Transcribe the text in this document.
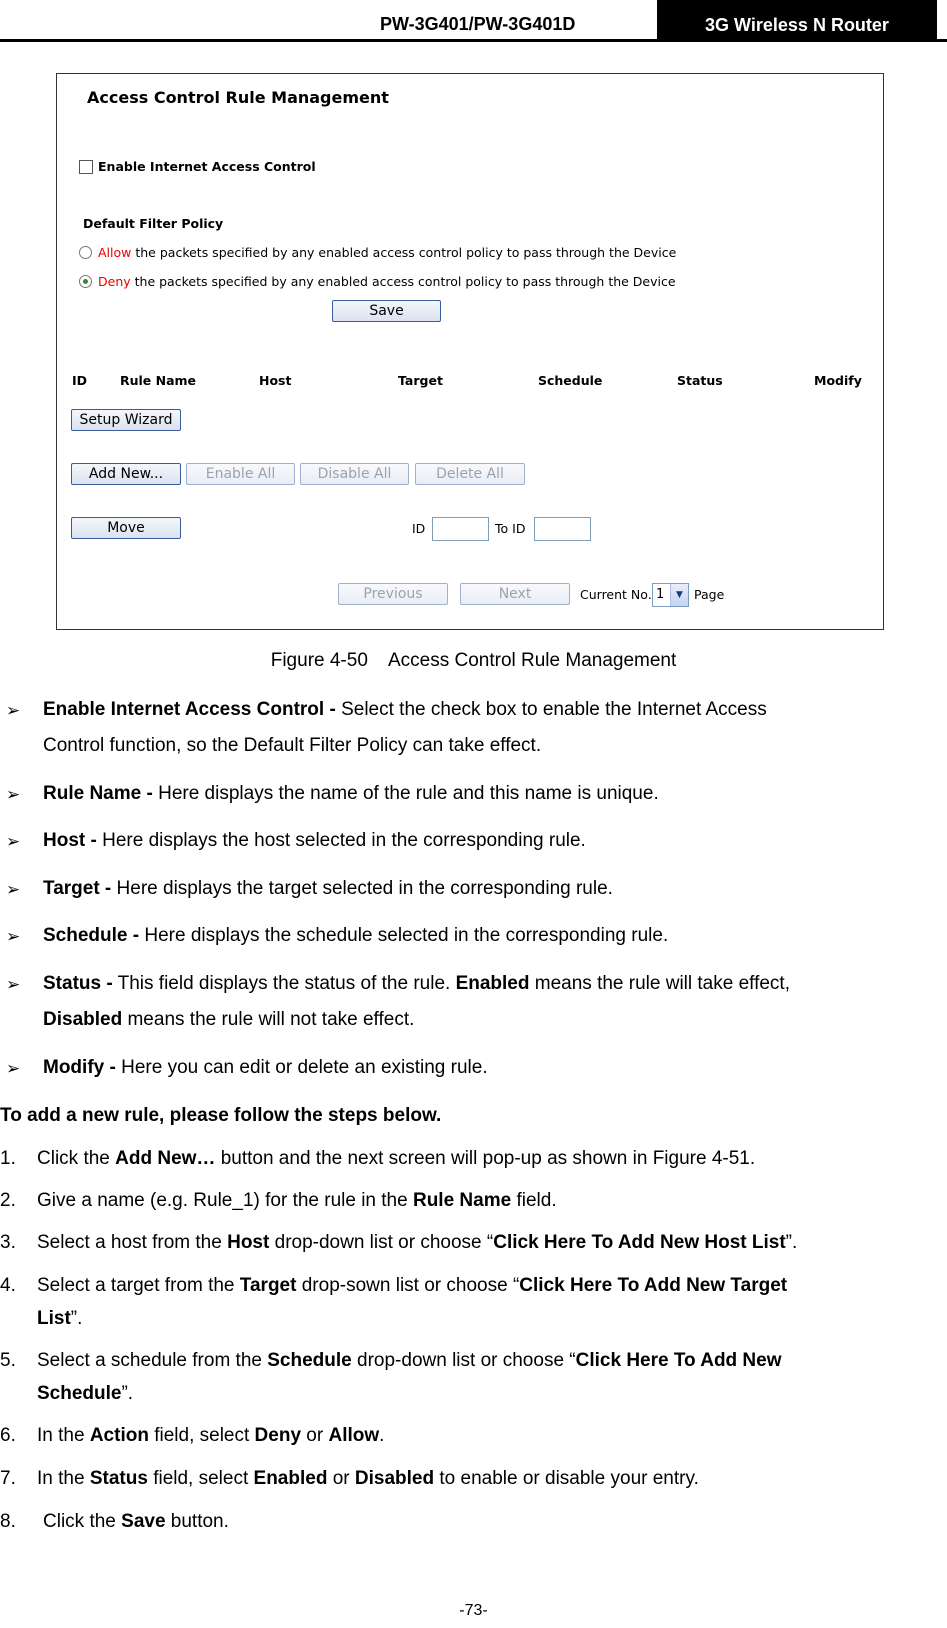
PW-3G401/PW-3G401D	3G Wireless N Router
Access Control Rule Management
Enable Internet Access Control
Default Filter Policy
Allow the packets specified by any enabled access control policy to pass through the Device
Deny the packets specified by any enabled access control policy to pass through the Device
Save
ID	Rule Name	Host	Target	Schedule	Status	Modify
Setup Wizard
Add New...	Enable All	Disable All	Delete All
Move	ID	To ID
Previous	Next	Current No. 1	▼ Page
Figure 4-50    Access Control Rule Management
➢ Enable Internet Access Control - Select the check box to enable the Internet Access
Control function, so the Default Filter Policy can take effect.
➢ Rule Name - Here displays the name of the rule and this name is unique.
➢ Host - Here displays the host selected in the corresponding rule.
➢ Target - Here displays the target selected in the corresponding rule.
➢ Schedule - Here displays the schedule selected in the corresponding rule.
➢ Status - This field displays the status of the rule. Enabled means the rule will take effect,
Disabled means the rule will not take effect.
➢ Modify - Here you can edit or delete an existing rule.
To add a new rule, please follow the steps below.
1. Click the Add New… button and the next screen will pop-up as shown in Figure 4-51.
2. Give a name (e.g. Rule_1) for the rule in the Rule Name field.
3. Select a host from the Host drop-down list or choose “Click Here To Add New Host List”.
4. Select a target from the Target drop-sown list or choose “Click Here To Add New Target
List”.
5. Select a schedule from the Schedule drop-down list or choose “Click Here To Add New
Schedule”.
6. In the Action field, select Deny or Allow.
7. In the Status field, select Enabled or Disabled to enable or disable your entry.
8. Click the Save button.
-73-
